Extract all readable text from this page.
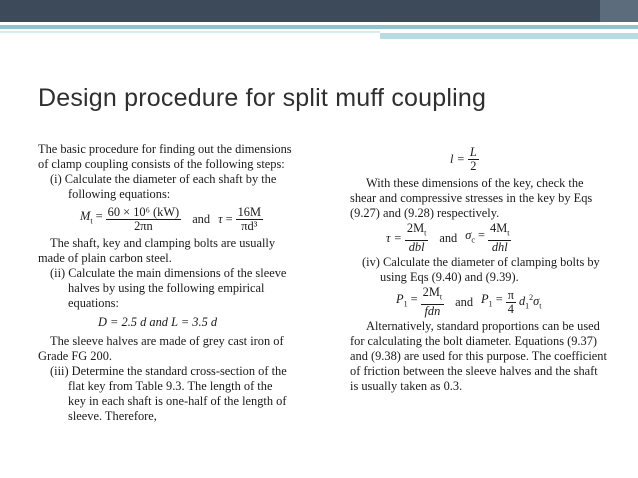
Design procedure for split muff coupling

The basic procedure for finding out the dimensions

of clamp coupling consists of the following steps:

(i) Calculate the diameter of each shaft by the

following equations:

$M_t = \frac{\text{60 × 10⁶ (kW)}}{2\pi n}$ and $\tau = \frac{16M}{\text{πd³}}$

The shaft, key and clamping bolts are usually

made of plain carbon steel.

(ii) Calculate the main dimensions of the sleeve

halves by using the following empirical

equations:

D = 2.5 d and L = 3.5 d

The sleeve halves are made of grey cast iron of

Grade FG 200.

(iii) Determine the standard cross-section of the

flat key from Table 9.3. The length of the

key in each shaft is one-half of the length of

sleeve. Therefore,

$l = \frac{L}{2}$

With these dimensions of the key, check the

shear and compressive stresses in the key by Eqs

(9.27) and (9.28) respectively.

$\tau = \frac{2M_t}{\text{dbl}}$ and $\sigma_c = \frac{4M_t}{\text{dhl}}$

(iv) Calculate the diameter of clamping bolts by

using Eqs (9.40) and (9.39).

$P_1 = \frac{2M_t}{\text{fdn}}$ and $P_1 = \frac{\pi}{4} d_1^2\sigma_t$

Alternatively, standard proportions can be used

for calculating the bolt diameter. Equations (9.37)

and (9.38) are used for this purpose. The coefficient

of friction between the sleeve halves and the shaft

is usually taken as 0.3.
